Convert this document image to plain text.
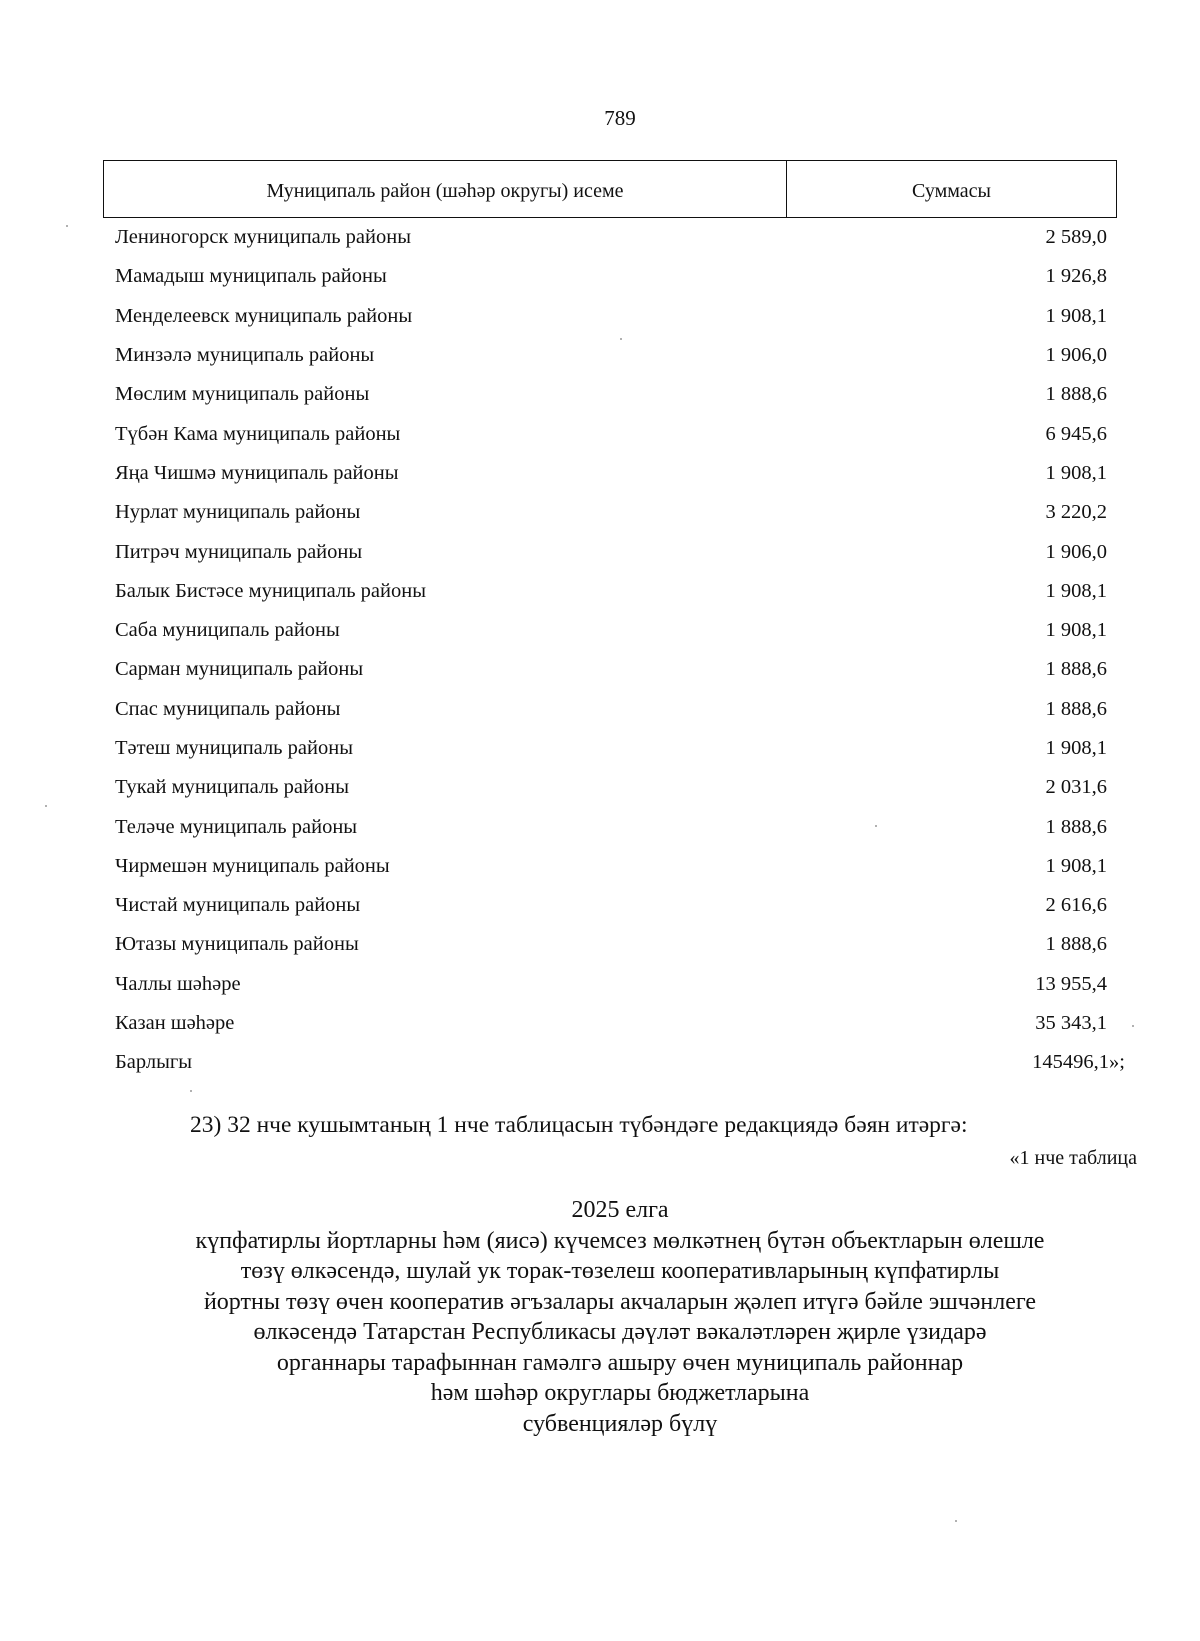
789
Муниципаль район (шәһәр округы) исеме	Суммасы
Лениногорск муниципаль районы	2 589,0
Мамадыш муниципаль районы	1 926,8
Менделеевск муниципаль районы	1 908,1
Минзәлә муниципаль районы	1 906,0
Мөслим муниципаль районы	1 888,6
Түбән Кама муниципаль районы	6 945,6
Яңа Чишмә муниципаль районы	1 908,1
Нурлат муниципаль районы	3 220,2
Питрәч муниципаль районы	1 906,0
Балык Бистәсе муниципаль районы	1 908,1
Саба муниципаль районы	1 908,1
Сарман муниципаль районы	1 888,6
Спас муниципаль районы	1 888,6
Тәтеш муниципаль районы	1 908,1
Тукай муниципаль районы	2 031,6
Теләче муниципаль районы	1 888,6
Чирмешән муниципаль районы	1 908,1
Чистай муниципаль районы	2 616,6
Ютазы муниципаль районы	1 888,6
Чаллы шәһәре	13 955,4
Казан шәһәре	35 343,1
Барлыгы	145496,1»;
23) 32 нче кушымтаның 1 нче таблицасын түбәндәге редакциядә бәян итәргә:
«1 нче таблица
2025 елга
күпфатирлы йортларны һәм (яисә) күчемсез мөлкәтнең бүтән объектларын өлешле
төзү өлкәсендә, шулай ук торак-төзелеш кооперативларының күпфатирлы
йортны төзү өчен кооператив әгъзалары акчаларын җәлеп итүгә бәйле эшчәнлеге
өлкәсендә Татарстан Республикасы дәүләт вәкаләтләрен җирле үзидарә
органнары тарафыннан гамәлгә ашыру өчен муниципаль районнар
һәм шәһәр округлары бюджетларына
субвенцияләр бүлү
